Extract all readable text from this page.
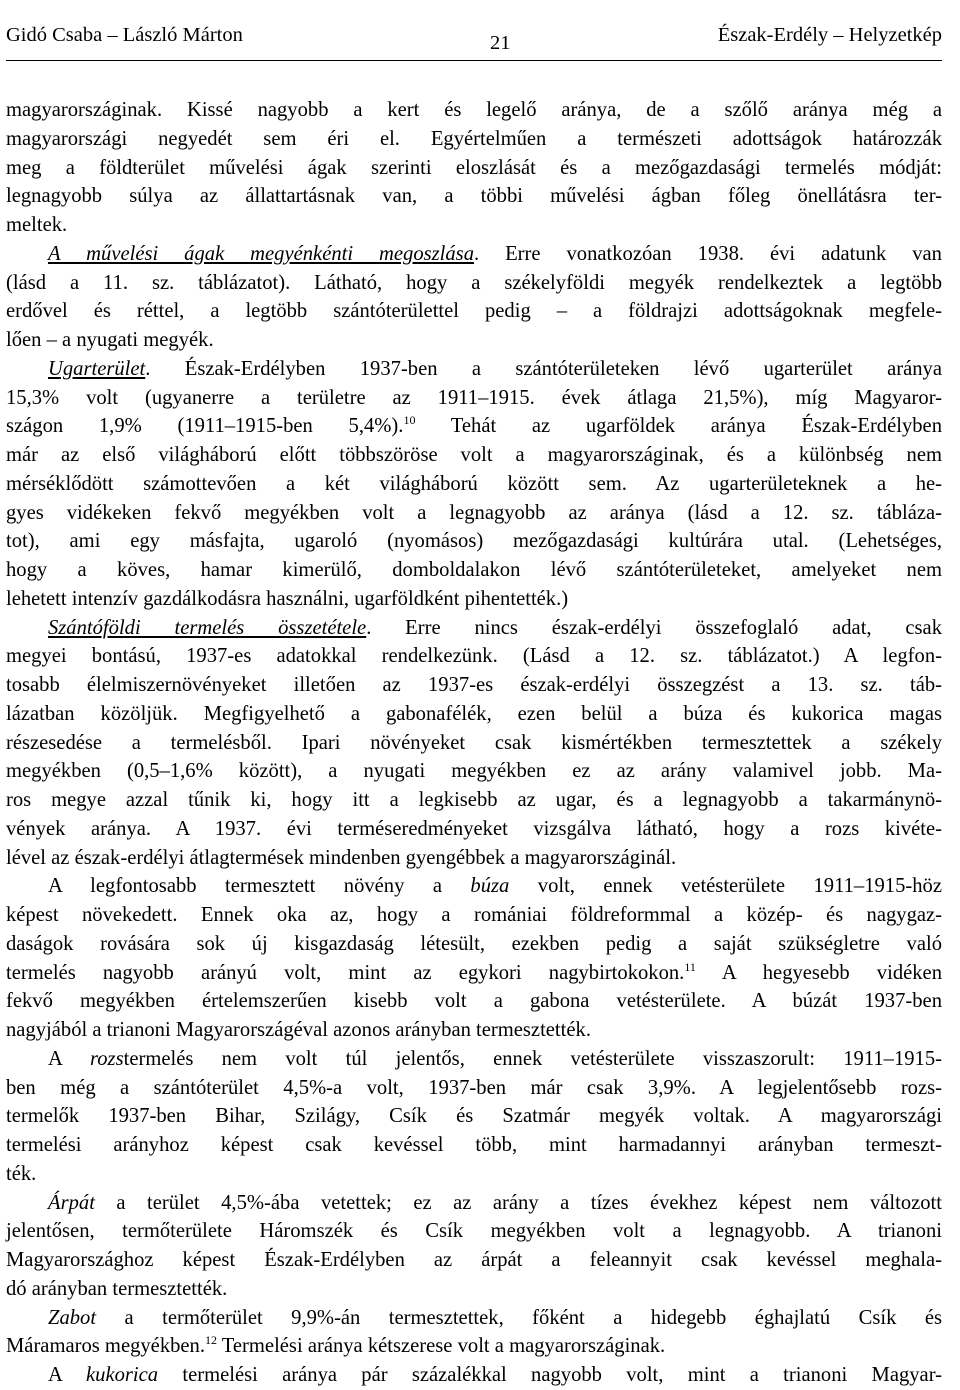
Gidó Csaba – László Márton	21	Észak-Erdély – Helyzetkép
magyarországinak. Kissé nagyobb a kert és legelő aránya, de a szőlő aránya még a
magyarországi negyedét sem éri el. Egyértelműen a természeti adottságok határozzák
meg a földterület művelési ágak szerinti eloszlását és a mezőgazdasági termelés módját:
legnagyobb súlya az állattartásnak van, a többi művelési ágban főleg önellátásra ter-
meltek.
A művelési ágak megyénkénti megoszlása. Erre vonatkozóan 1938. évi adatunk van
(lásd a 11. sz. táblázatot). Látható, hogy a székelyföldi megyék rendelkeztek a legtöbb
erdővel és réttel, a legtöbb szántóterülettel pedig – a földrajzi adottságoknak megfele-
lően – a nyugati megyék.
Ugarterület. Észak-Erdélyben 1937-ben a szántóterületeken lévő ugarterület aránya
15,3% volt (ugyanerre a területre az 1911–1915. évek átlaga 21,5%), míg Magyaror-
szágon 1,9% (1911–1915-ben 5,4%).$^{10}$ Tehát az ugarföldek aránya Észak-Erdélyben
már az első világháború előtt többszöröse volt a magyarországinak, és a különbség nem
mérséklődött számottevően a két világháború között sem. Az ugarterületeknek a he-
gyes vidékeken fekvő megyékben volt a legnagyobb az aránya (lásd a 12. sz. tábláza-
tot), ami egy másfajta, ugaroló (nyomásos) mezőgazdasági kultúrára utal. (Lehetséges,
hogy a köves, hamar kimerülő, domboldalakon lévő szántóterületeket, amelyeket nem
lehetett intenzív gazdálkodásra használni, ugarföldként pihentették.)
Szántóföldi termelés összetétele. Erre nincs észak-erdélyi összefoglaló adat, csak
megyei bontású, 1937-es adatokkal rendelkezünk. (Lásd a 12. sz. táblázatot.) A legfon-
tosabb élelmiszernövényeket illetően az 1937-es észak-erdélyi összegzést a 13. sz. táb-
lázatban közöljük. Megfigyelhető a gabonafélék, ezen belül a búza és kukorica magas
részesedése a termelésből. Ipari növényeket csak kismértékben termesztettek a székely
megyékben (0,5–1,6% között), a nyugati megyékben ez az arány valamivel jobb. Ma-
ros megye azzal tűnik ki, hogy itt a legkisebb az ugar, és a legnagyobb a takarmánynö-
vények aránya. A 1937. évi terméseredményeket vizsgálva látható, hogy a rozs kivéte-
lével az észak-erdélyi átlagtermések mindenben gyengébbek a magyarországinál.
A legfontosabb termesztett növény a búza volt, ennek vetésterülete 1911–1915-höz
képest növekedett. Ennek oka az, hogy a romániai földreformmal a közép- és nagygaz-
daságok rovására sok új kisgazdaság létesült, ezekben pedig a saját szükségletre való
termelés nagyobb arányú volt, mint az egykori nagybirtokokon.$^{11}$ A hegyesebb vidéken
fekvő megyékben értelemszerűen kisebb volt a gabona vetésterülete. A búzát 1937-ben
nagyjából a trianoni Magyarországéval azonos arányban termesztették.
A rozstermelés nem volt túl jelentős, ennek vetésterülete visszaszorult: 1911–1915-
ben még a szántóterület 4,5%-a volt, 1937-ben már csak 3,9%. A legjelentősebb rozs-
termelők 1937-ben Bihar, Szilágy, Csík és Szatmár megyék voltak. A magyarországi
termelési arányhoz képest csak kevéssel több, mint harmadannyi arányban termeszt-
ték.
Árpát a terület 4,5%-ába vetettek; ez az arány a tízes évekhez képest nem változott
jelentősen, termőterülete Háromszék és Csík megyékben volt a legnagyobb. A trianoni
Magyarországhoz képest Észak-Erdélyben az árpát a feleannyit csak kevéssel meghala-
dó arányban termesztették.
Zabot a termőterület 9,9%-án termesztettek, főként a hidegebb éghajlatú Csík és
Máramaros megyékben.$^{12}$ Termelési aránya kétszerese volt a magyarországinak.
A kukorica termelési aránya pár százalékkal nagyobb volt, mint a trianoni Magyar-
